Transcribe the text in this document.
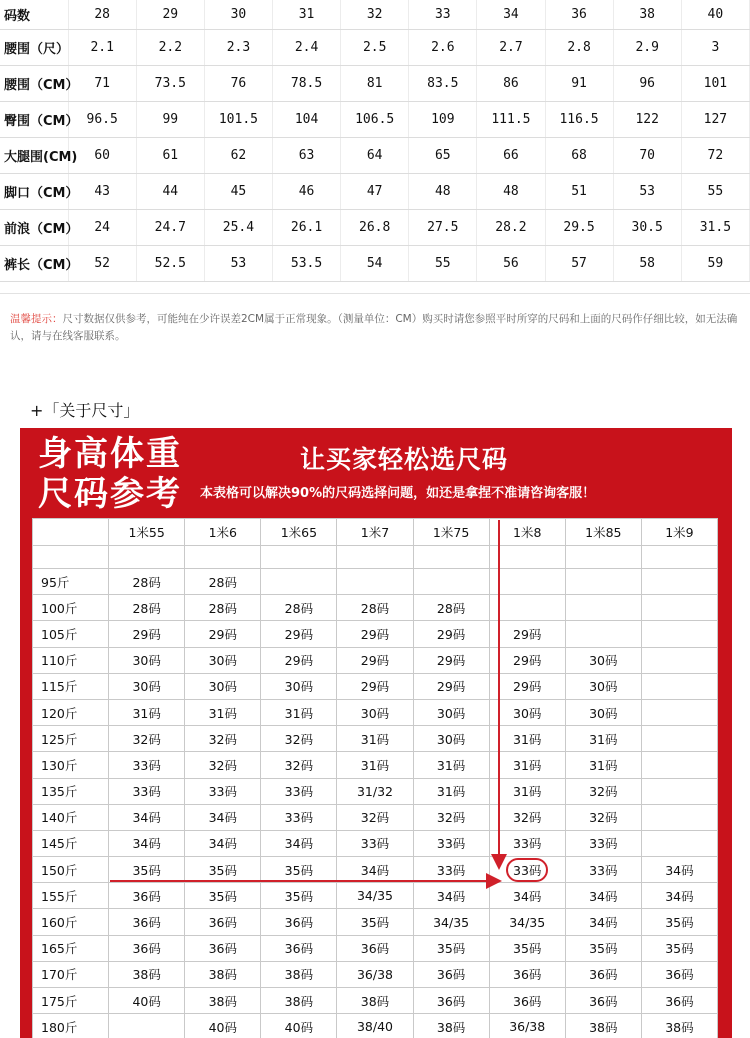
码数	28	29	30	31	32	33	34	36	38	40
腰围（尺）	2.1	2.2	2.3	2.4	2.5	2.6	2.7	2.8	2.9	3
腰围（CM）	71	73.5	76	78.5	81	83.5	86	91	96	101
臀围（CM）	96.5	99	101.5	104	106.5	109	111.5	116.5	122	127
大腿围(CM)	60	61	62	63	64	65	66	68	70	72
脚口（CM）	43	44	45	46	47	48	48	51	53	55
前浪（CM）	24	24.7	25.4	26.1	26.8	27.5	28.2	29.5	30.5	31.5
裤长（CM）	52	52.5	53	53.5	54	55	56	57	58	59
温馨提示：尺寸数据仅供参考，可能纯在少许误差2CM属于正常现象。（测量单位：CM）购买时请您参照平时所穿的尺码和上面的尺码作仔细比较，如无法确认，请与在线客服联系。
+「关于尺寸」
身高体重
尺码参考
让买家轻松选尺码
本表格可以解决90%的尺码选择问题，如还是拿捏不准请咨询客服！
	1米55	1米6	1米65	1米7	1米75	1米8	1米85	1米9

95斤	28码	28码						
100斤	28码	28码	28码	28码	28码			
105斤	29码	29码	29码	29码	29码	29码		
110斤	30码	30码	29码	29码	29码	29码	30码	
115斤	30码	30码	30码	29码	29码	29码	30码	
120斤	31码	31码	31码	30码	30码	30码	30码	
125斤	32码	32码	32码	31码	30码	31码	31码	
130斤	33码	32码	32码	31码	31码	31码	31码	
135斤	33码	33码	33码	31/32	31码	31码	32码	
140斤	34码	34码	33码	32码	32码	32码	32码	
145斤	34码	34码	34码	33码	33码	33码	33码	
150斤	35码	35码	35码	34码	33码	33码	33码	34码
155斤	36码	35码	35码	34/35	34码	34码	34码	34码
160斤	36码	36码	36码	35码	34/35	34/35	34码	35码
165斤	36码	36码	36码	36码	35码	35码	35码	35码
170斤	38码	38码	38码	36/38	36码	36码	36码	36码
175斤	40码	38码	38码	38码	36码	36码	36码	36码
180斤		40码	40码	38/40	38码	36/38	38码	38码
